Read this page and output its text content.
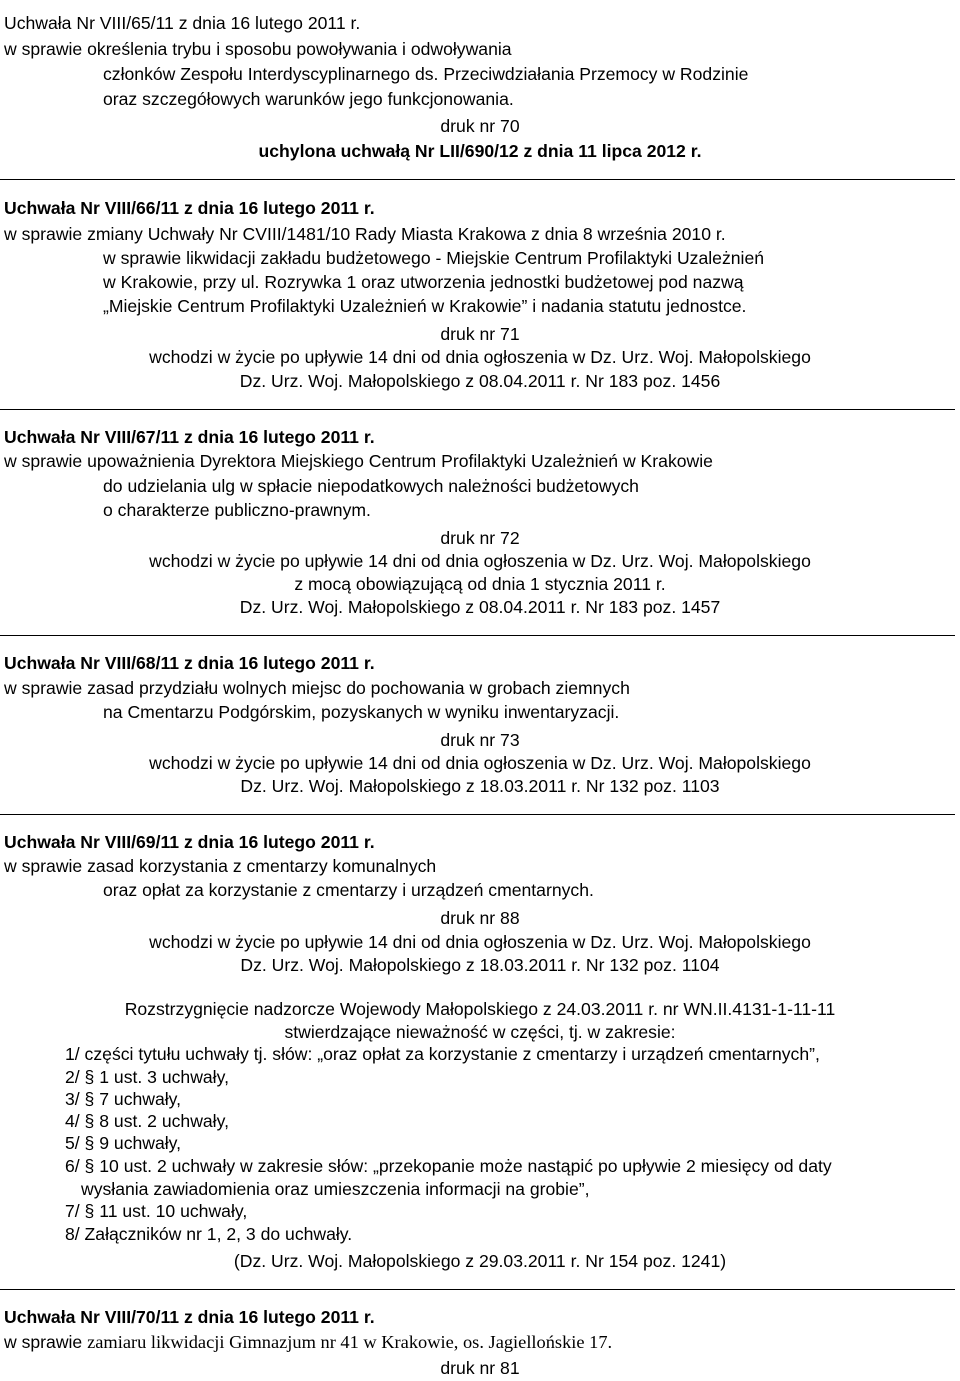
Uchwała Nr VIII/65/11 z dnia 16 lutego 2011 r.
w sprawie określenia trybu i sposobu powoływania i odwoływania
członków Zespołu Interdyscyplinarnego ds. Przeciwdziałania Przemocy w Rodzinie
oraz szczegółowych warunków jego funkcjonowania.
druk nr 70
uchylona uchwałą Nr LII/690/12 z dnia 11 lipca 2012 r.
Uchwała Nr VIII/66/11 z dnia 16 lutego 2011 r.
w sprawie zmiany Uchwały Nr CVIII/1481/10 Rady Miasta Krakowa z dnia 8 września 2010 r.
w sprawie likwidacji zakładu budżetowego - Miejskie Centrum Profilaktyki Uzależnień
w Krakowie, przy ul. Rozrywka 1 oraz utworzenia jednostki budżetowej pod nazwą
„Miejskie Centrum Profilaktyki Uzależnień w Krakowie” i nadania statutu jednostce.
druk nr 71
wchodzi w życie po upływie 14 dni od dnia ogłoszenia w Dz. Urz. Woj. Małopolskiego
Dz. Urz. Woj. Małopolskiego z 08.04.2011 r. Nr 183 poz. 1456
Uchwała Nr VIII/67/11 z dnia 16 lutego 2011 r.
w sprawie upoważnienia Dyrektora Miejskiego Centrum Profilaktyki Uzależnień w Krakowie
do udzielania ulg w spłacie niepodatkowych należności budżetowych
o charakterze publiczno-prawnym.
druk nr 72
wchodzi w życie po upływie 14 dni od dnia ogłoszenia w Dz. Urz. Woj. Małopolskiego
z mocą obowiązującą od dnia 1 stycznia 2011 r.
Dz. Urz. Woj. Małopolskiego z 08.04.2011 r. Nr 183 poz. 1457
Uchwała Nr VIII/68/11 z dnia 16 lutego 2011 r.
w sprawie zasad przydziału wolnych miejsc do pochowania w grobach ziemnych
na Cmentarzu Podgórskim, pozyskanych w wyniku inwentaryzacji.
druk nr 73
wchodzi w życie po upływie 14 dni od dnia ogłoszenia w Dz. Urz. Woj. Małopolskiego
Dz. Urz. Woj. Małopolskiego z 18.03.2011 r. Nr 132 poz. 1103
Uchwała Nr VIII/69/11 z dnia 16 lutego 2011 r.
w sprawie zasad korzystania z cmentarzy komunalnych
oraz opłat za korzystanie z cmentarzy i urządzeń cmentarnych.
druk nr 88
wchodzi w życie po upływie 14 dni od dnia ogłoszenia w Dz. Urz. Woj. Małopolskiego
Dz. Urz. Woj. Małopolskiego z 18.03.2011 r. Nr 132 poz. 1104
Rozstrzygnięcie nadzorcze Wojewody Małopolskiego z 24.03.2011 r. nr WN.II.4131-1-11-11
stwierdzające nieważność w części, tj. w zakresie:
1/ części tytułu uchwały tj. słów: „oraz opłat za korzystanie z cmentarzy i urządzeń cmentarnych”,
2/ § 1 ust. 3 uchwały,
3/ § 7 uchwały,
4/ § 8 ust. 2 uchwały,
5/ § 9 uchwały,
6/ § 10 ust. 2 uchwały w zakresie słów: „przekopanie może nastąpić po upływie 2 miesięcy od daty
wysłania zawiadomienia oraz umieszczenia informacji na grobie”,
7/ § 11 ust. 10 uchwały,
8/ Załączników nr 1, 2, 3 do uchwały.
(Dz. Urz. Woj. Małopolskiego z 29.03.2011 r. Nr 154 poz. 1241)
Uchwała Nr VIII/70/11 z dnia 16 lutego 2011 r.
w sprawie zamiaru likwidacji Gimnazjum nr 41 w Krakowie, os. Jagiellońskie 17.
druk nr 81
